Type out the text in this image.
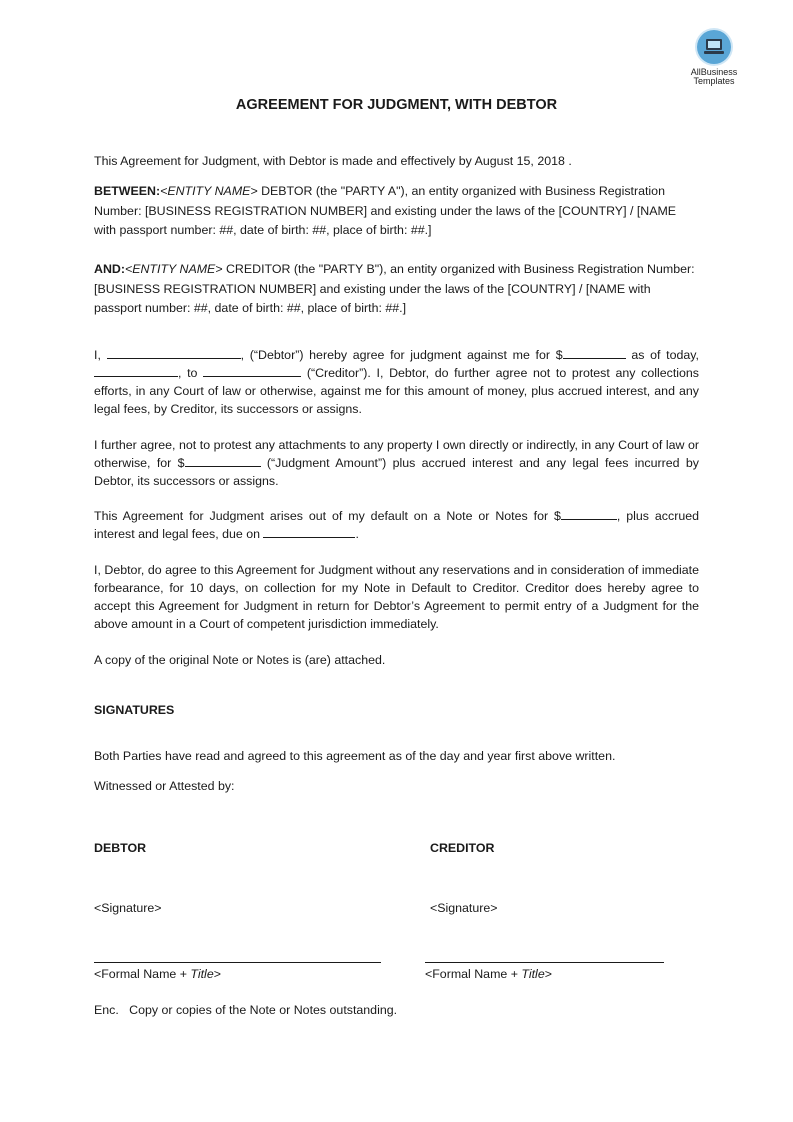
AllBusiness
Templates
AGREEMENT FOR JUDGMENT, WITH DEBTOR
This Agreement for Judgment, with Debtor is made and effectively by August 15, 2018 .
BETWEEN:<ENTITY NAME> DEBTOR (the "PARTY A"), an entity organized with Business Registration Number: [BUSINESS REGISTRATION NUMBER] and existing under the laws of the [COUNTRY] / [NAME with passport number: ##, date of birth: ##, place of birth: ##.]
AND:<ENTITY NAME> CREDITOR (the "PARTY B"), an entity organized with Business Registration Number: [BUSINESS REGISTRATION NUMBER] and existing under the laws of the [COUNTRY] / [NAME with passport number: ##, date of birth: ##, place of birth: ##.]
I,	, (“Debtor”) hereby agree for judgment against me for $	as of today, , to	(“Creditor”). I, Debtor, do further agree not to protest any collections efforts, in any Court of law or otherwise, against me for this amount of money, plus accrued interest, and any legal fees, by Creditor, its successors or assigns.
I further agree, not to protest any attachments to any property I own directly or indirectly, in any Court of law or otherwise, for $	(“Judgment Amount”) plus accrued interest and any legal fees incurred by Debtor, its successors or assigns.
This Agreement for Judgment arises out of my default on a Note or Notes for $	, plus accrued interest and legal fees, due on	.
I, Debtor, do agree to this Agreement for Judgment without any reservations and in consideration of immediate forbearance, for 10 days, on collection for my Note in Default to Creditor. Creditor does hereby agree to accept this Agreement for Judgment in return for Debtor’s Agreement to permit entry of a Judgment for the above amount in a Court of competent jurisdiction immediately.
A copy of the original Note or Notes is (are) attached.
SIGNATURES
Both Parties have read and agreed to this agreement as of the day and year first above written.
Witnessed or Attested by:
DEBTOR	CREDITOR
<Signature>	<Signature>
<Formal Name + Title>	<Formal Name + Title>
Enc.   Copy or copies of the Note or Notes outstanding.
